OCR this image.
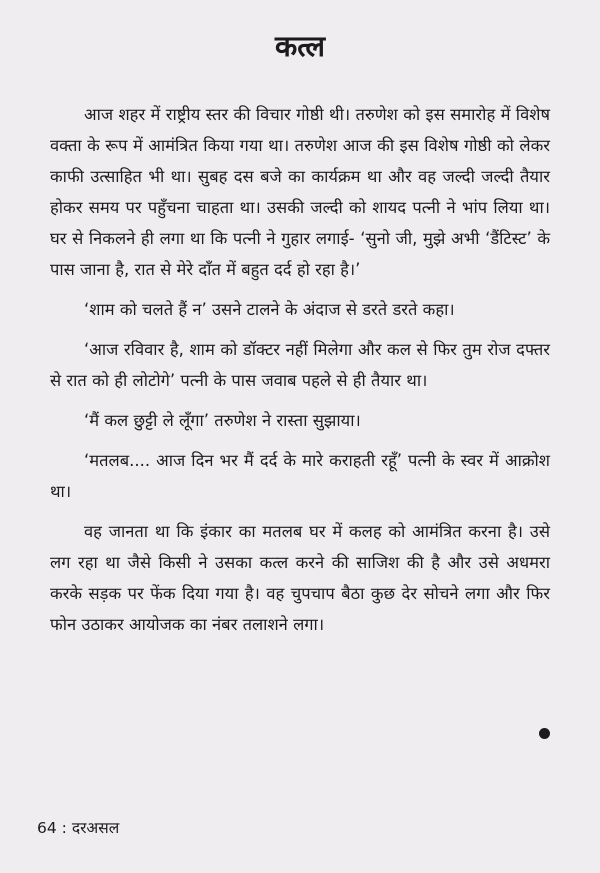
कत्ल

आज शहर में राष्ट्रीय स्तर की विचार गोष्ठी थी। तरुणेश को इस समारोह में विशेष वक्ता के रूप में आमंत्रित किया गया था। तरुणेश आज की इस विशेष गोष्ठी को लेकर काफी उत्साहित भी था। सुबह दस बजे का कार्यक्रम था और वह जल्दी जल्दी तैयार होकर समय पर पहुँचना चाहता था। उसकी जल्दी को शायद पत्नी ने भांप लिया था। घर से निकलने ही लगा था कि पत्नी ने गुहार लगाई- ‘सुनो जी, मुझे अभी ‘डैंटिस्ट’ के पास जाना है, रात से मेरे दाँत में बहुत दर्द हो रहा है।’

‘शाम को चलते हैं न’ उसने टालने के अंदाज से डरते डरते कहा।

‘आज रविवार है, शाम को डॉक्टर नहीं मिलेगा और कल से फिर तुम रोज दफ्तर से रात को ही लोटोगे’ पत्नी के पास जवाब पहले से ही तैयार था।

‘मैं कल छुट्टी ले लूँगा’ तरुणेश ने रास्ता सुझाया।

‘मतलब.... आज दिन भर मैं दर्द के मारे कराहती रहूँ’ पत्नी के स्वर में आक्रोश था।

वह जानता था कि इंकार का मतलब घर में कलह को आमंत्रित करना है। उसे लग रहा था जैसे किसी ने उसका कत्ल करने की साजिश की है और उसे अधमरा करके सड़क पर फेंक दिया गया है। वह चुपचाप बैठा कुछ देर सोचने लगा और फिर फोन उठाकर आयोजक का नंबर तलाशने लगा।

64 : दरअसल
